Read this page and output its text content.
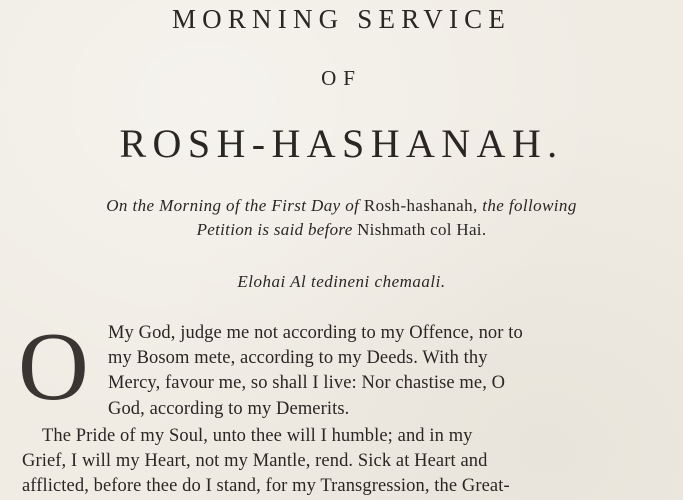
MORNING SERVICE
OF
ROSH-HASHANAH.
On the Morning of the First Day of Rosh-hashanah, the following
Petition is said before Nishmath col Hai.
Elohai Al tedineni chemaali.
O My God, judge me not according to my Offence, nor to
my Bosom mete, according to my Deeds. With thy
Mercy, favour me, so shall I live: Nor chastise me, O
God, according to my Demerits.
The Pride of my Soul, unto thee will I humble; and in my
Grief, I will my Heart, not my Mantle, rend. Sick at Heart and
afflicted, before thee do I stand, for my Transgression, the Great-
